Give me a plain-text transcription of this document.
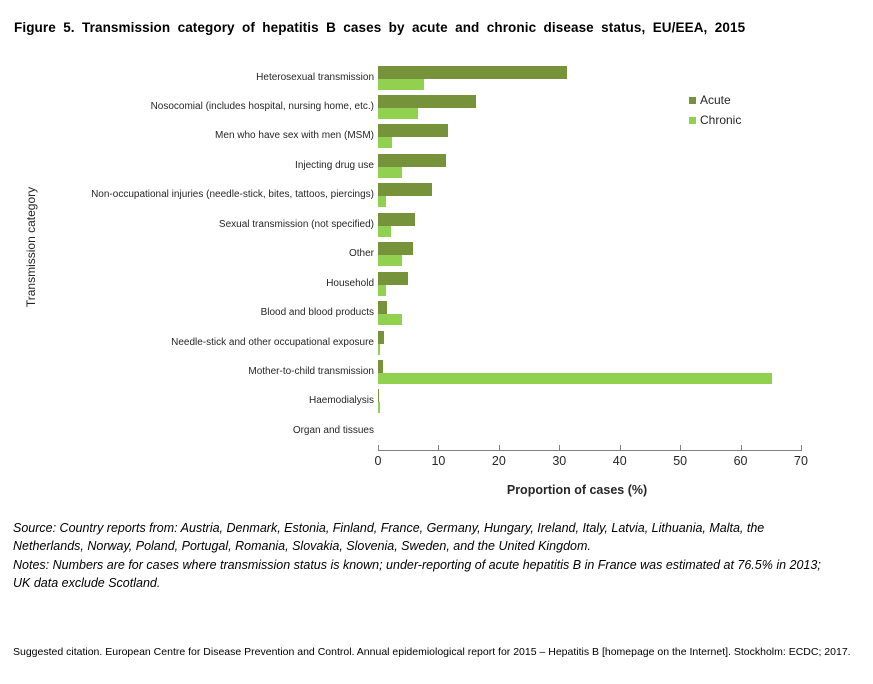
Figure 5. Transmission category of hepatitis B cases by acute and chronic disease status, EU/EEA, 2015
Transmission category
Acute
Chronic
Proportion of cases (%)

Source: Country reports from: Austria, Denmark, Estonia, Finland, France, Germany, Hungary, Ireland, Italy, Latvia, Lithuania, Malta, the
Netherlands, Norway, Poland, Portugal, Romania, Slovakia, Slovenia, Sweden, and the United Kingdom.

Notes: Numbers are for cases where transmission status is known; under-reporting of acute hepatitis B in France was estimated at 76.5% in 2013;
UK data exclude Scotland.

Suggested citation. European Centre for Disease Prevention and Control. Annual epidemiological report for 2015 – Hepatitis B [homepage on the Internet]. Stockholm: ECDC; 2017.

Heterosexual transmission
Nosocomial (includes hospital, nursing home, etc.)
Men who have sex with men (MSM)
Injecting drug use
Non-occupational injuries (needle-stick, bites, tattoos, piercings)
Sexual transmission (not specified)
Other
Household
Blood and blood products
Needle-stick and other occupational exposure
Mother-to-child transmission
Haemodialysis
Organ and tissues
0	10	20	30	40	50	60	70
